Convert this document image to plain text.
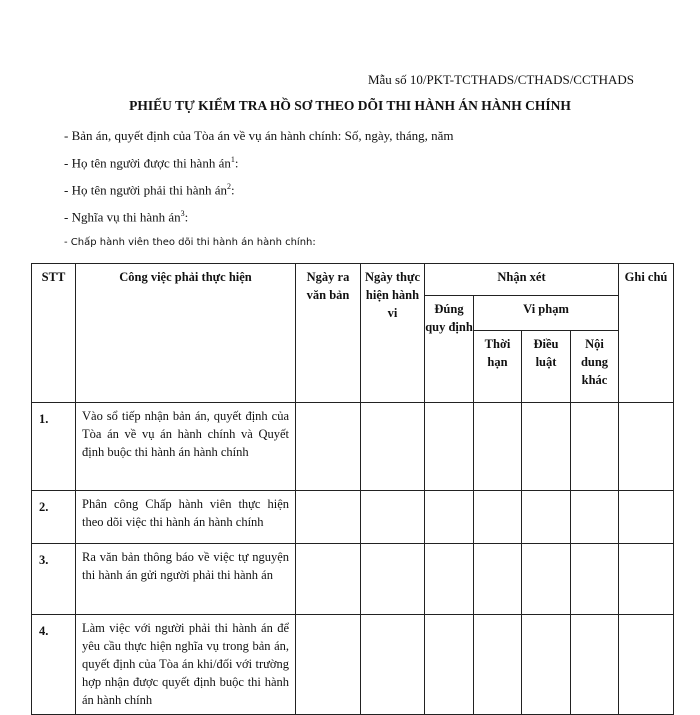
Mẫu số 10/PKT-TCTHADS/CTHADS/CCTHADS
PHIẾU TỰ KIỂM TRA HỒ SƠ THEO DÕI THI HÀNH ÁN HÀNH CHÍNH
- Bản án, quyết định của Tòa án về vụ án hành chính: Số, ngày, tháng, năm
- Họ tên người được thi hành $án^1$:
- Họ tên người phải thi hành $án^2$:
- Nghĩa vụ thi hành $án^3$:
- Chấp hành viên theo dõi thi hành án hành chính:
STT	Công việc phải thực hiện	Ngày ra văn bản	Ngày thực hiện hành vi	Nhận xét				Ghi chú
				Đúng quy định	Vi phạm			
					Thời hạn	Điều luật	Nội dung khác	
1.	Vào sổ tiếp nhận bản án, quyết định của Tòa án về vụ án hành chính và Quyết định buộc thi hành án hành chính							
2.	Phân công Chấp hành viên thực hiện theo dõi việc thi hành án hành chính							
3.	Ra văn bản thông báo về việc tự nguyện thi hành án gửi người phải thi hành án							
4.	Làm việc với người phải thi hành án để yêu cầu thực hiện nghĩa vụ trong bản án, quyết định của Tòa án khi/đối với trường hợp nhận được quyết định buộc thi hành án hành chính							
